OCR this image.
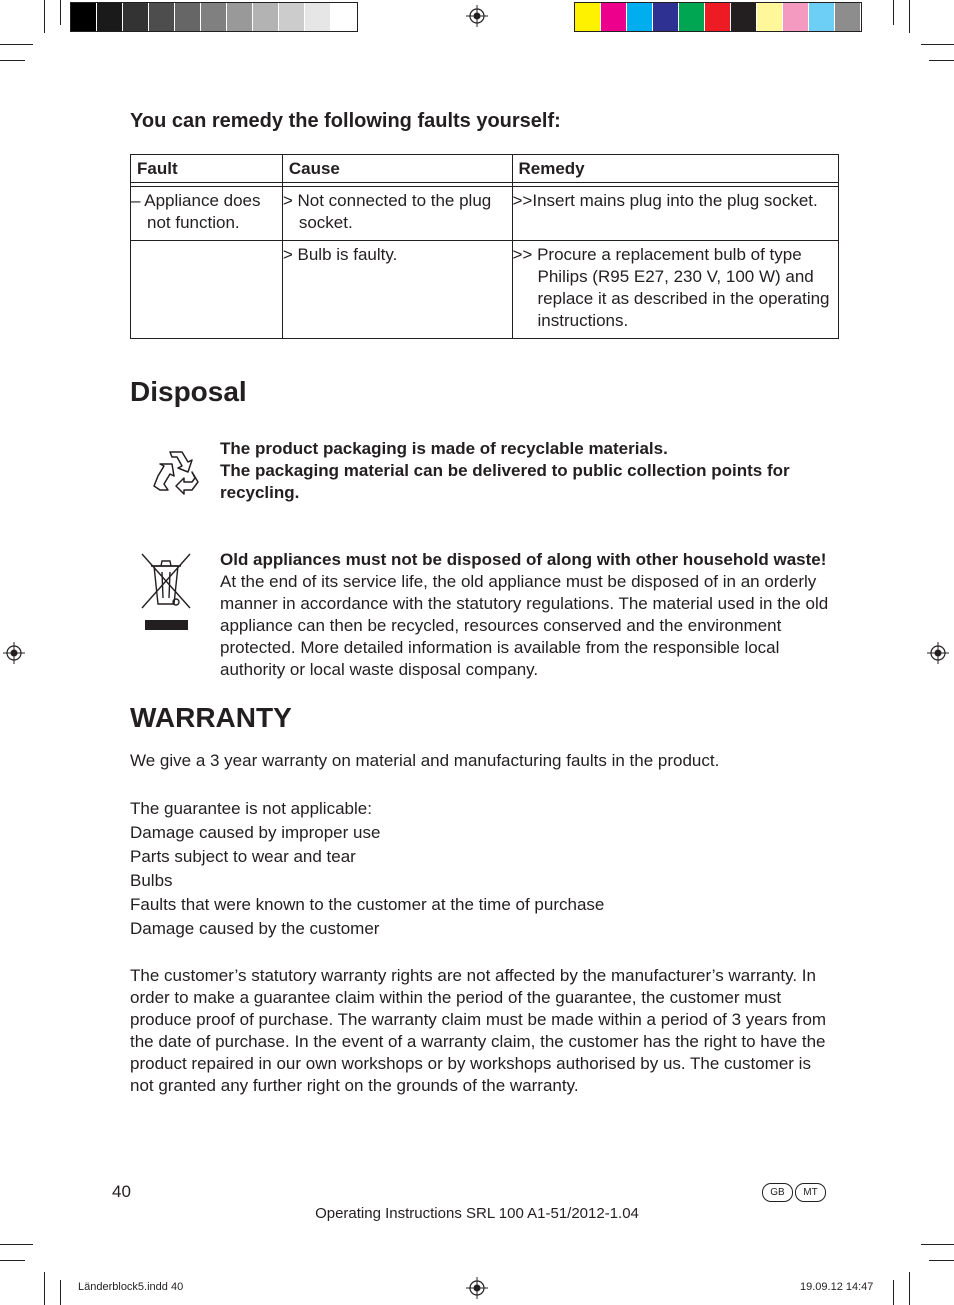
You can remedy the following faults yourself:
Fault	Cause	Remedy

– Appliance does not function.	> Not connected to the plug socket.	>>Insert mains plug into the plug socket.

	> Bulb is faulty.	>> Procure a replacement bulb of type Philips (R95 E27, 230 V, 100 W) and replace it as described in the operating instructions.
Disposal
The product packaging is made of recyclable materials.
The packaging material can be delivered to public collection points for recycling.
Old appliances must not be disposed of along with other household waste! At the end of its service life, the old appliance must be disposed of in an orderly manner in accordance with the statutory regulations. The material used in the old appliance can then be recycled, resources conserved and the environment protected. More detailed information is available from the responsible local authority or local waste disposal company.
WARRANTY
We give a 3 year warranty on material and manufacturing faults in the product.
The guarantee is not applicable:
Damage caused by improper use
Parts subject to wear and tear
Bulbs
Faults that were known to the customer at the time of purchase
Damage caused by the customer
The customer’s statutory warranty rights are not affected by the manufacturer’s warranty. In order to make a guarantee claim within the period of the guarantee, the customer must produce proof of purchase. The warranty claim must be made within a period of 3 years from the date of purchase. In the event of a warranty claim, the customer has the right to have the product repaired in our own workshops or by workshops authorised by us. The customer is not granted any further right on the grounds of the warranty.
40	GB	MT
Operating Instructions SRL 100 A1-51/2012-1.04
Länderblock5.indd 40	19.09.12 14:47
